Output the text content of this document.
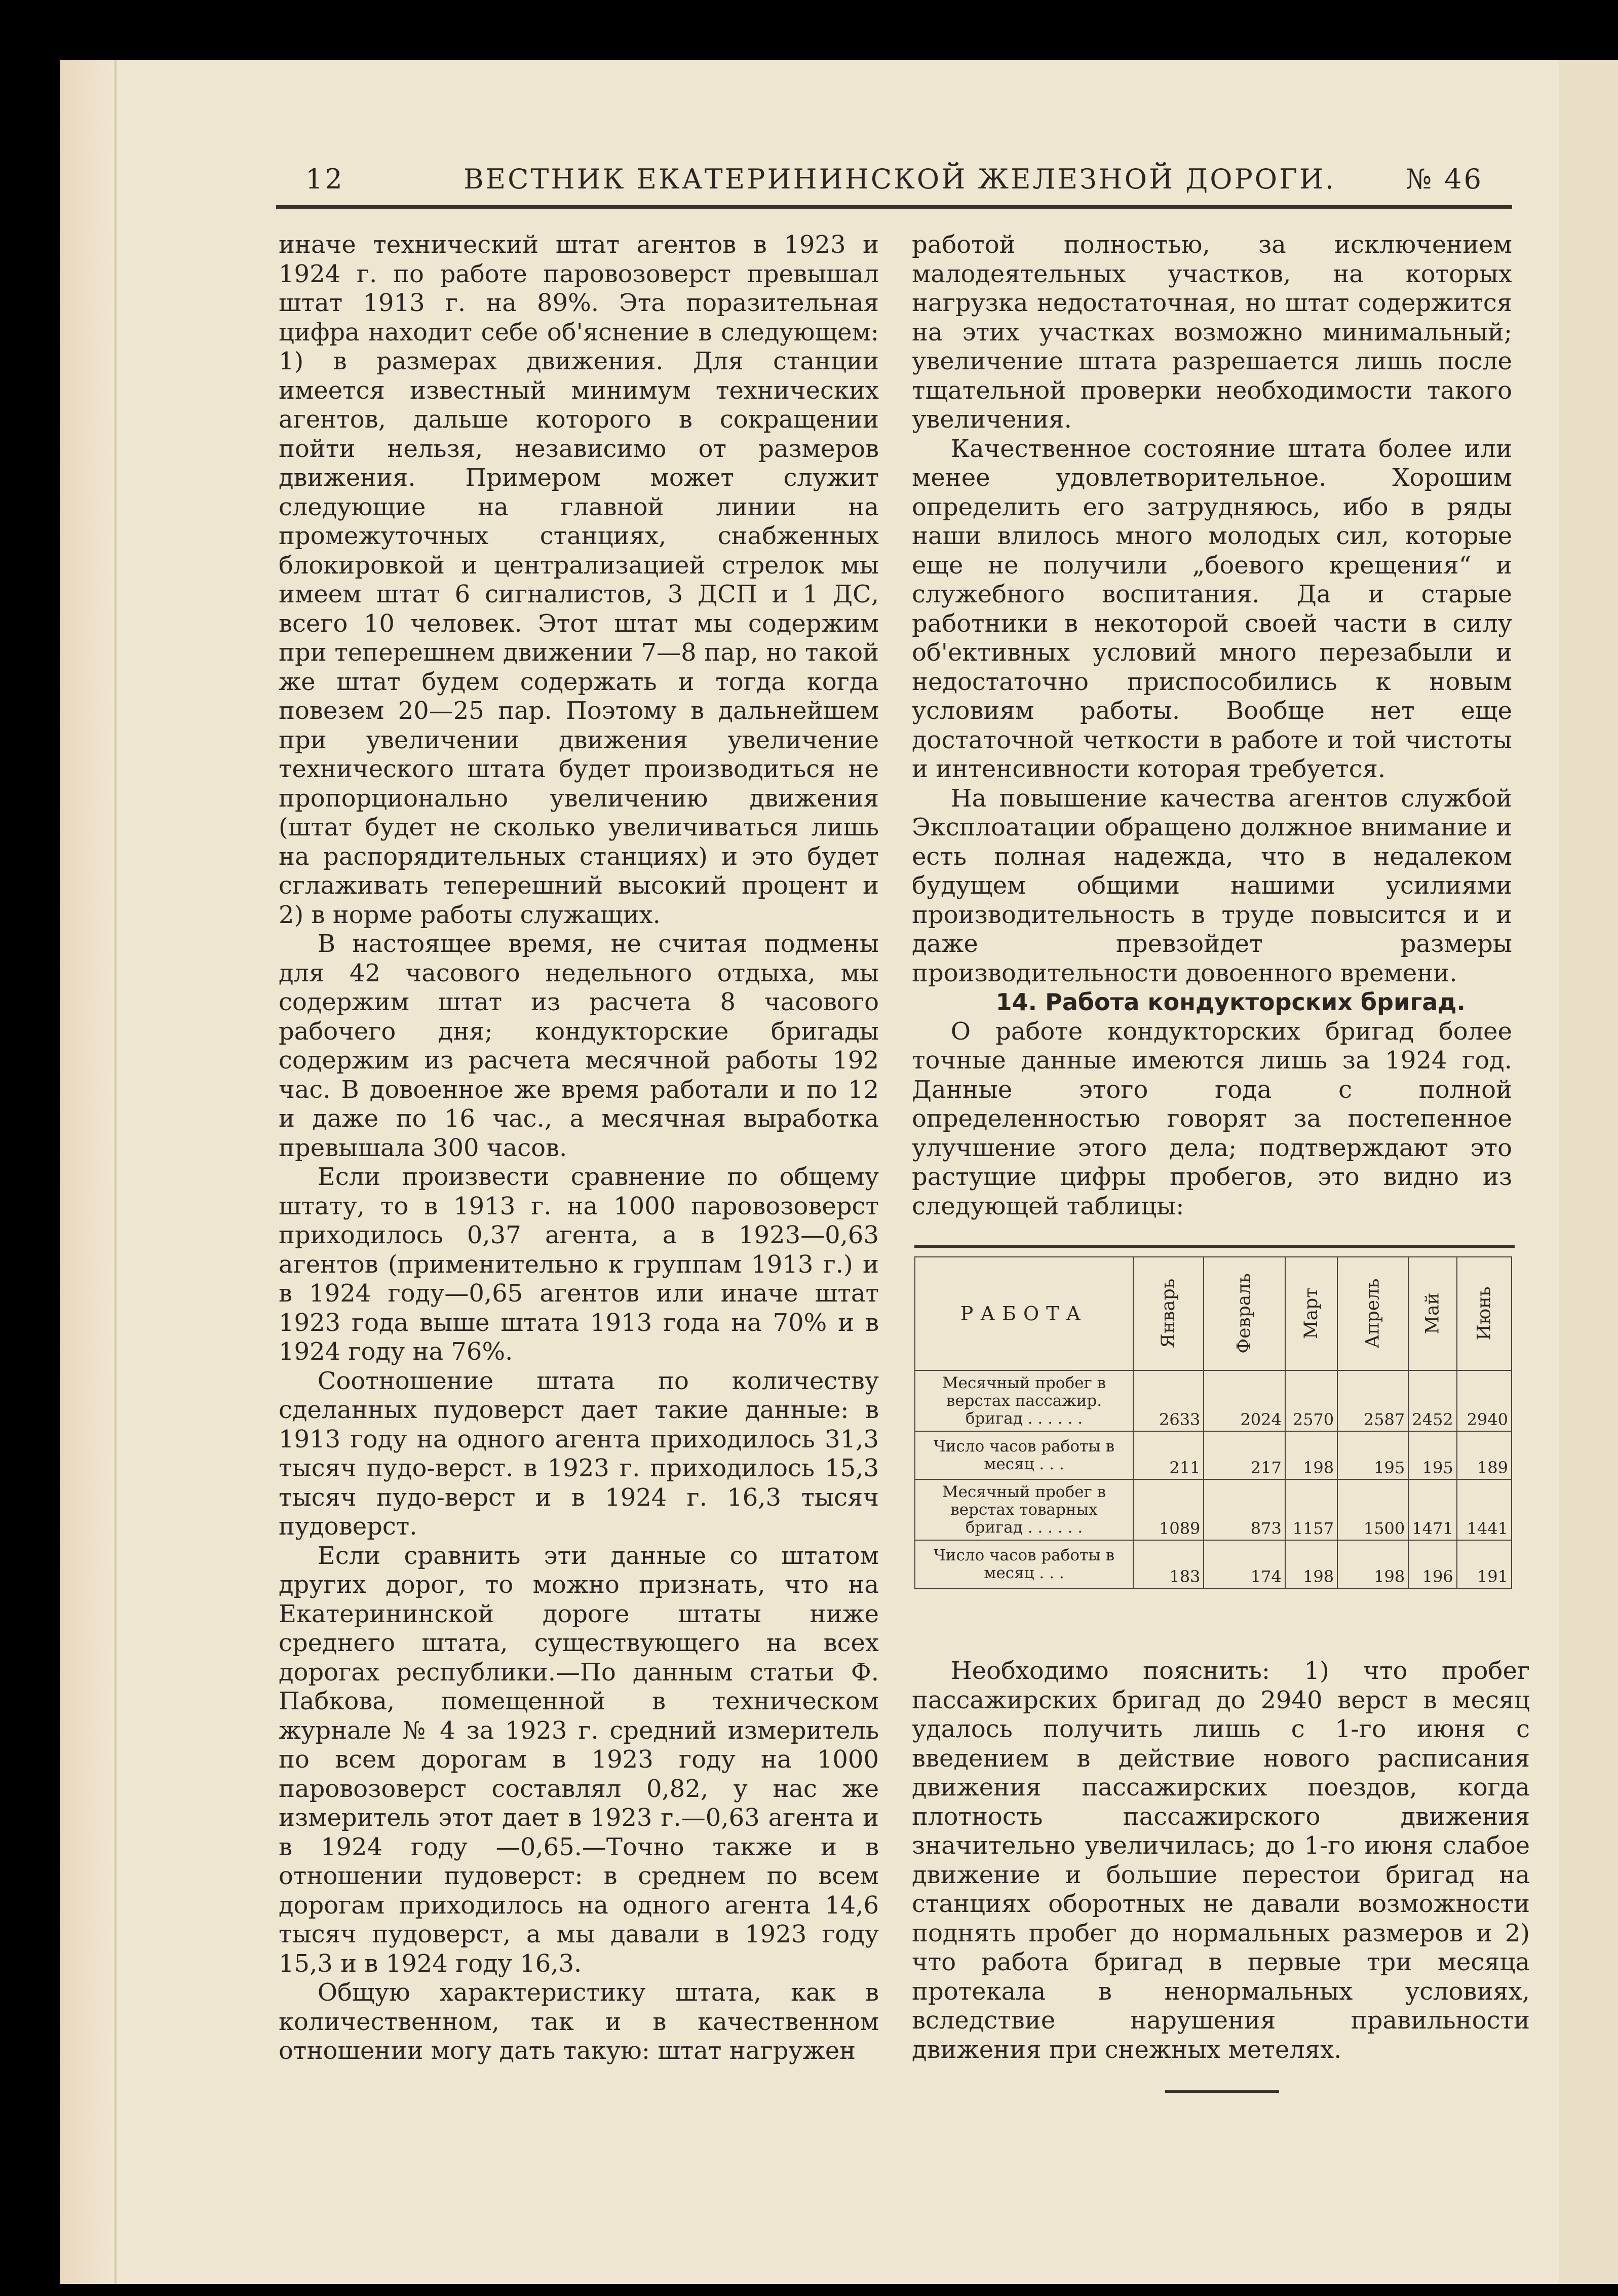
12	ВЕСТНИК ЕКАТЕРИНИНСКОЙ ЖЕЛЕЗНОЙ ДОРОГИ.	№ 46

иначе технический штат агентов в 1923 и 1924 г. по работе паровозоверст превышал штат 1913 г. на 89%. Эта поразительная цифра находит себе об'яснение в следующем: 1) в размерах движения. Для станции имеется известный минимум технических агентов, дальше которого в сокращении пойти нельзя, независимо от размеров движения. Примером может служит следующие на главной линии на промежуточных станциях, снабженных блокировкой и централизацией стрелок мы имеем штат 6 сигналистов, 3 ДСП и 1 ДС, всего 10 человек. Этот штат мы содержим при теперешнем движении 7—8 пар, но такой же штат будем содержать и тогда когда повезем 20—25 пар. Поэтому в дальнейшем при увеличении движения увеличение технического штата будет производиться не пропорционально увеличению движения (штат будет не сколько увеличиваться лишь на распорядительных станциях) и это будет сглаживать теперешний высокий процент и 2) в норме работы служащих.

В настоящее время, не считая подмены для 42 часового недельного отдыха, мы содержим штат из расчета 8 часового рабочего дня; кондукторские бригады содержим из расчета месячной работы 192 час. В довоенное же время работали и по 12 и даже по 16 час., а месячная выработка превышала 300 часов.

Если произвести сравнение по общему штату, то в 1913 г. на 1000 паровозоверст приходилось 0,37 агента, а в 1923—0,63 агентов (применительно к группам 1913 г.) и в 1924 году—0,65 агентов или иначе штат 1923 года выше штата 1913 года на 70% и в 1924 году на 76%.

Соотношение штата по количеству сделанных пудоверст дает такие данные: в 1913 году на одного агента приходилось 31,3 тысяч пудо-верст. в 1923 г. приходилось 15,3 тысяч пудо-верст и в 1924 г. 16,3 тысяч пудоверст.

Если сравнить эти данные со штатом других дорог, то можно признать, что на Екатерининской дороге штаты ниже среднего штата, существующего на всех дорогах республики.—По данным статьи Ф. Пабкова, помещенной в техническом журнале № 4 за 1923 г. средний измеритель по всем дорогам в 1923 году на 1000 паровозоверст составлял 0,82, у нас же измеритель этот дает в 1923 г.—0,63 агента и в 1924 году —0,65.—Точно также и в отношении пудоверст: в среднем по всем дорогам приходилось на одного агента 14,6 тысяч пудоверст, а мы давали в 1923 году 15,3 и в 1924 году 16,3.

Общую характеристику штата, как в количественном, так и в качественном отношении могу дать такую: штат нагружен

работой полностью, за исключением малодеятельных участков, на которых нагрузка недостаточная, но штат содержится на этих участках возможно минимальный; увеличение штата разрешается лишь после тщательной проверки необходимости такого увеличения.

Качественное состояние штата более или менее удовлетворительное. Хорошим определить его затрудняюсь, ибо в ряды наши влилось много молодых сил, которые еще не получили „боевого крещения“ и служебного воспитания. Да и старые работники в некоторой своей части в силу об'ективных условий много перезабыли и недостаточно приспособились к новым условиям работы. Вообще нет еще достаточной четкости в работе и той чистоты и интенсивности которая требуется.

На повышение качества агентов службой Эксплоатации обращено должное внимание и есть полная надежда, что в недалеком будущем общими нашими усилиями производительность в труде повысится и и даже превзойдет размеры производительности довоенного времени.

14. Работа кондукторских бригад.

О работе кондукторских бригад более точные данные имеются лишь за 1924 год. Данные этого года с полной определенностью говорят за постепенное улучшение этого дела; подтверждают это растущие цифры пробегов, это видно из следующей таблицы:

РАБОТА	Январь	Февраль	Март	Апрель	Май	Июнь
Месячный пробег в верстах пассажир. бригад . . . . . .	2633	2024	2570	2587	2452	2940
Число часов работы в месяц . . .	211	217	198	195	195	189
Месячный пробег в верстах товарных бригад . . . . . .	1089	873	1157	1500	1471	1441
Число часов работы в месяц . . .	183	174	198	198	196	191

Необходимо пояснить: 1) что пробег пассажирских бригад до 2940 верст в месяц удалось получить лишь с 1-го июня с введением в действие нового расписания движения пассажирских поездов, когда плотность пассажирского движения значительно увеличилась; до 1-го июня слабое движение и большие перестои бригад на станциях оборотных не давали возможности поднять пробег до нормальных размеров и 2) что работа бригад в первые три месяца протекала в ненормальных условиях, вследствие нарушения правильности движения при снежных метелях.
